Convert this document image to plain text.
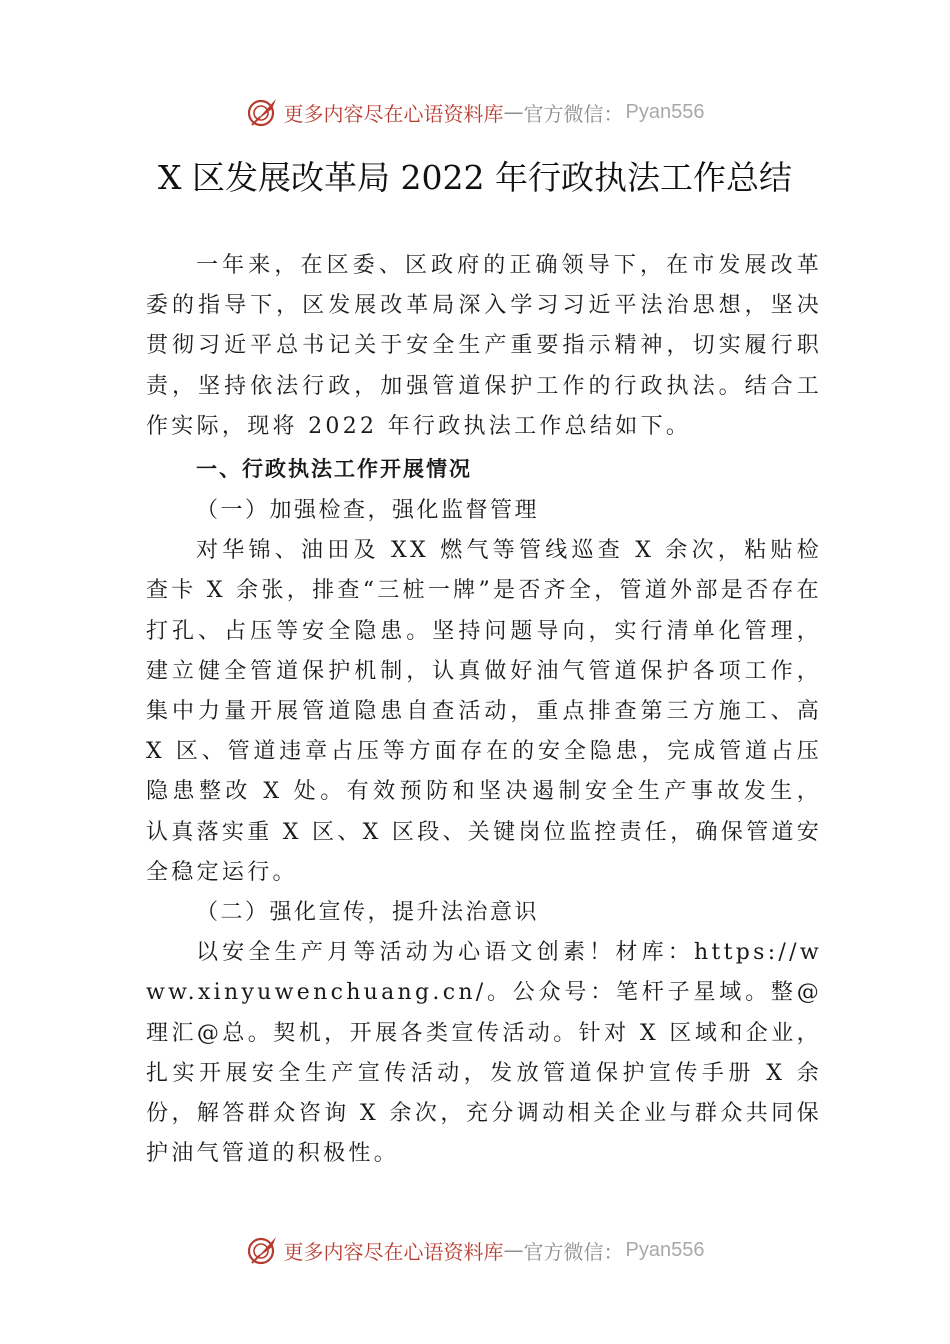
更多内容尽在心语资料库 — 官方微信： Pyan556
X 区发展改革局 2022 年行政执法工作总结

一年来，在区委、区政府的正确领导下，在市发展改革委的指导下，区发展改革局深入学习习近平法治思想，坚决贯彻习近平总书记关于安全生产重要指示精神，切实履行职责，坚持依法行政，加强管道保护工作的行政执法。结合工作实际，现将 2022 年行政执法工作总结如下。

一、行政执法工作开展情况

（一）加强检查，强化监督管理

对华锦、油田及 XX 燃气等管线巡查 X 余次，粘贴检查卡 X 余张，排查“三桩一牌”是否齐全，管道外部是否存在打孔、占压等安全隐患。坚持问题导向，实行清单化管理， 建立健全管道保护机制，认真做好油气管道保护各项工作， 集中力量开展管道隐患自查活动，重点排查第三方施工、高 X 区、管道违章占压等方面存在的安全隐患，完成管道占压隐患整改 X 处。有效预防和坚决遏制安全生产事故发生， 认真落实重 X 区、X 区段、关键岗位监控责任，确保管道安全稳定运行。

（二）强化宣传，提升法治意识

以安全生产月等活动为心语文创素！材库：https://www.xinyuwenchuang.cn/。公众号：笔杆子星域。整@理汇@总。契机，开展各类宣传活动。针对 X 区域和企业，扎实开展安全生产宣传活动，发放管道保护宣传手册 X 余份，解答群众咨询 X 余次，充分调动相关企业与群众共同保护油气管道的积极性。

更多内容尽在心语资料库 — 官方微信： Pyan556
